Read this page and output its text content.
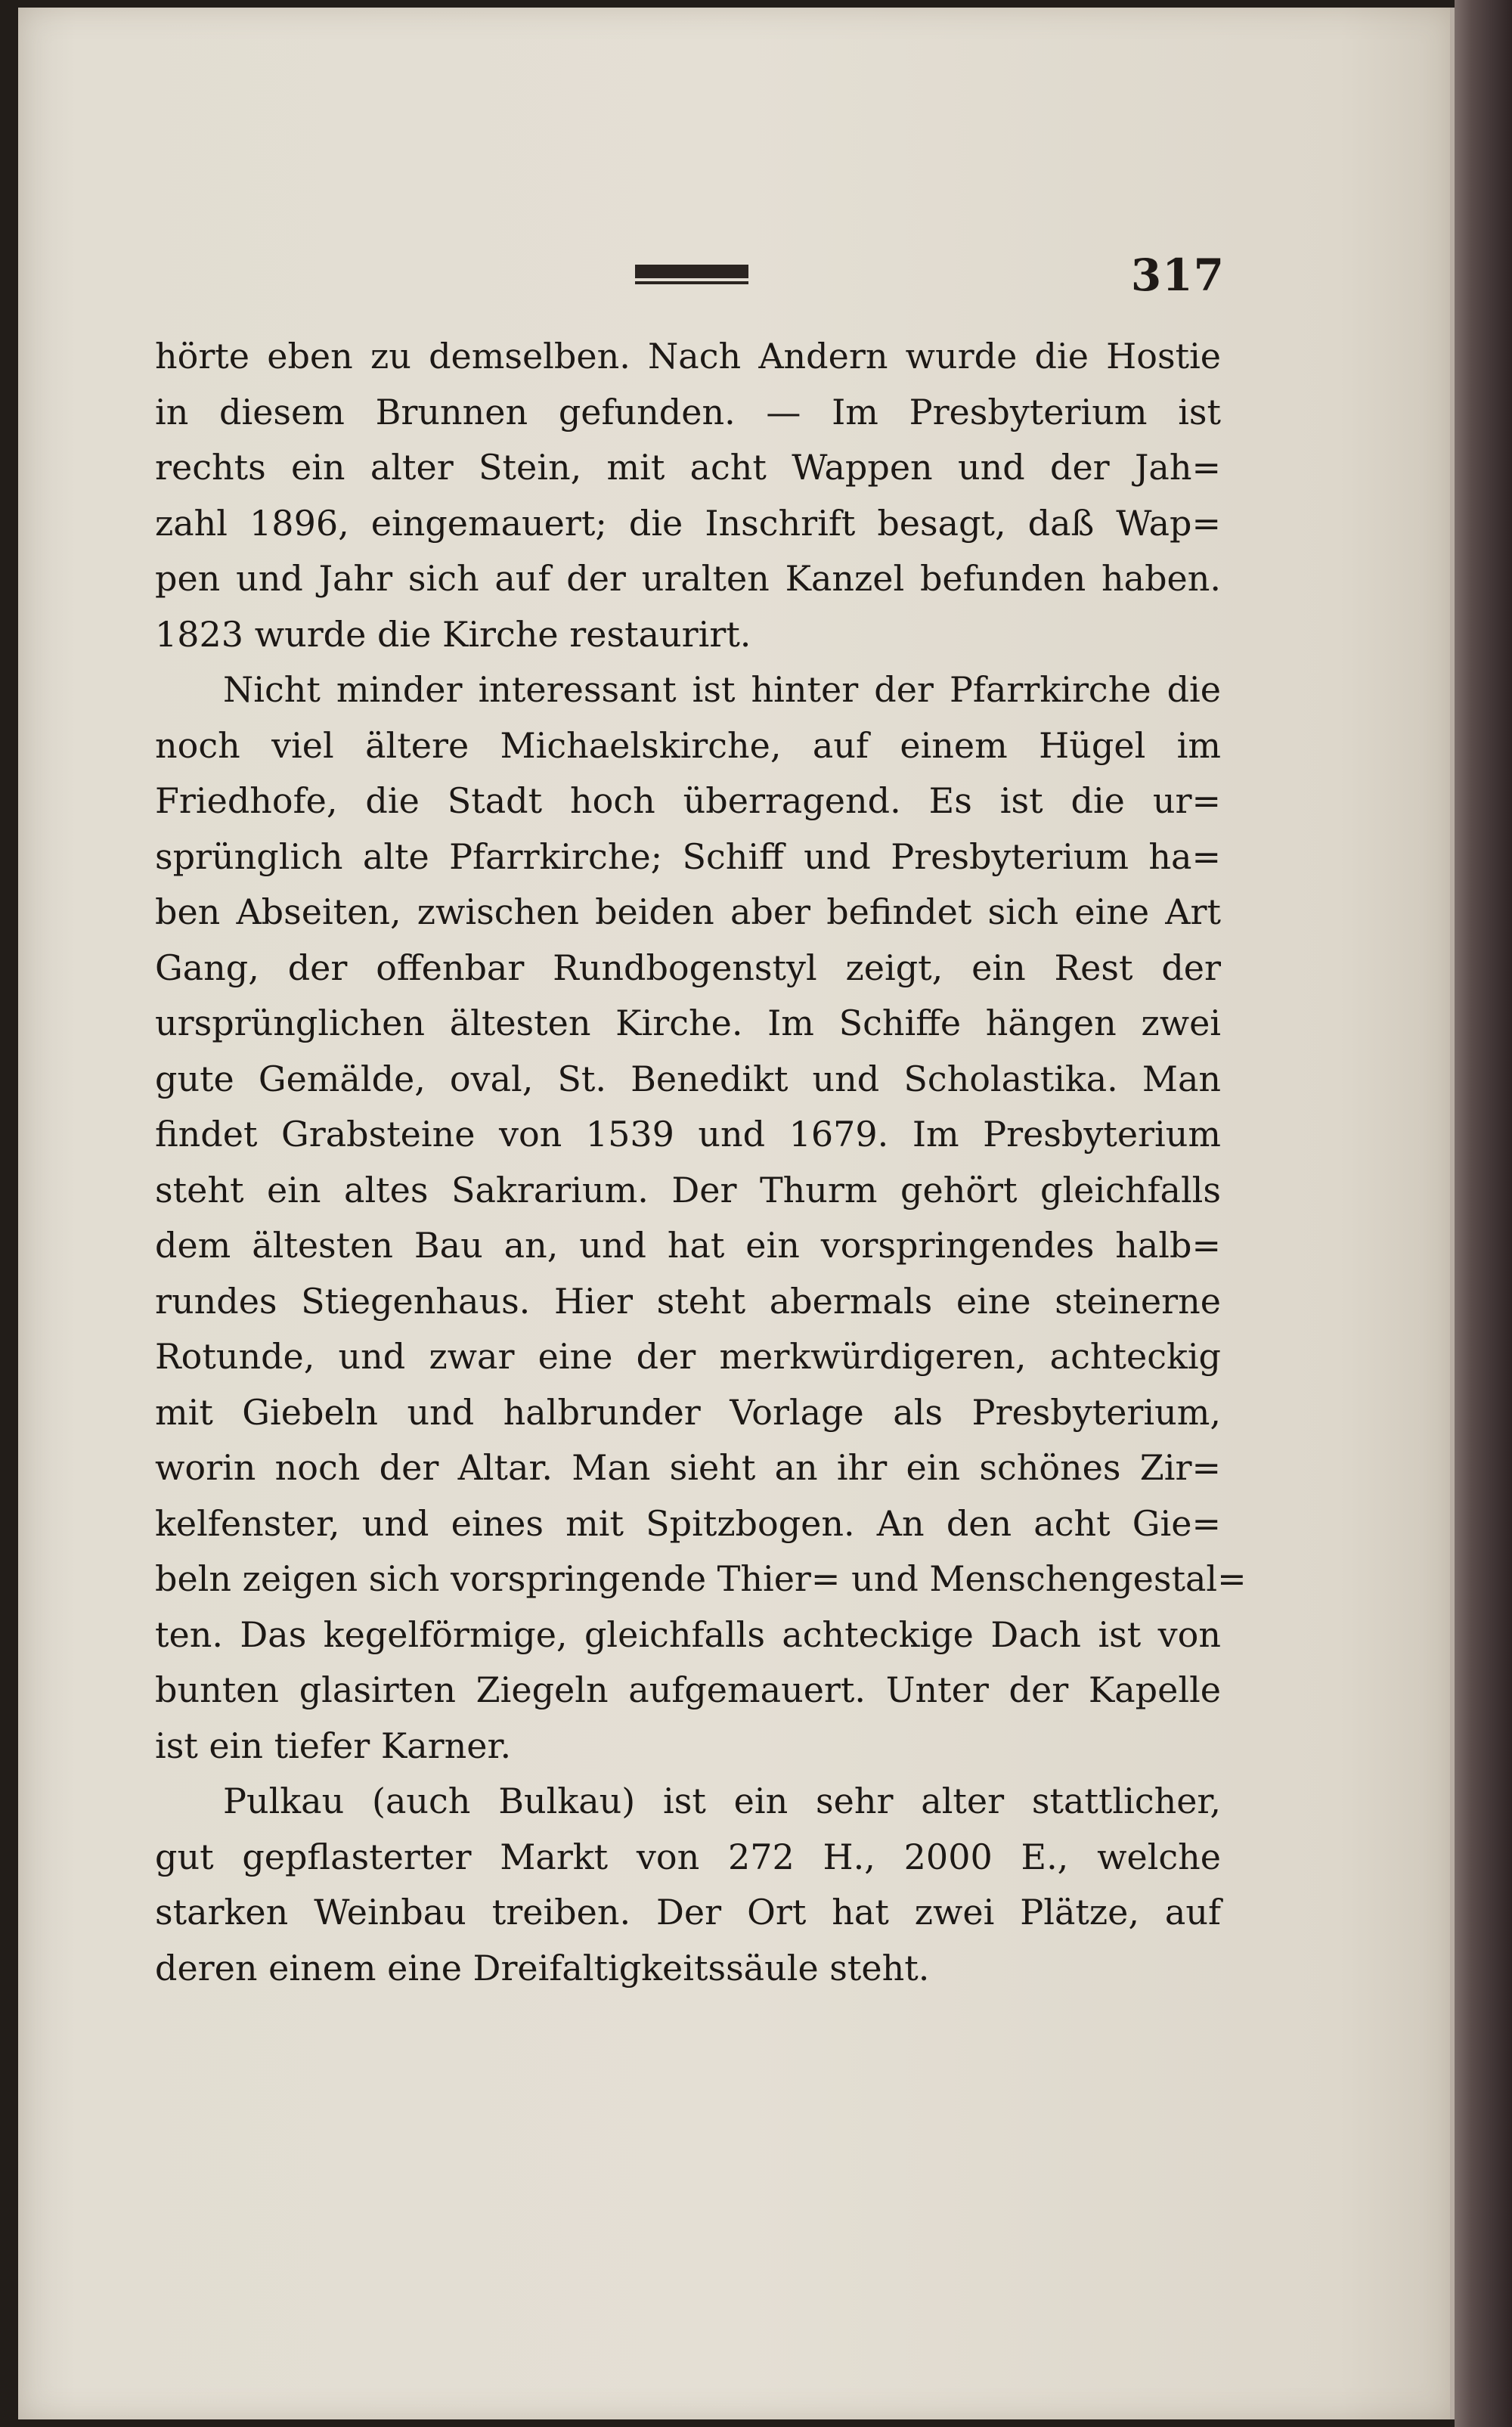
317
hörte eben zu demselben. Nach Andern wurde die Hostie
in diesem Brunnen gefunden. — Im Presbyterium ist
rechts ein alter Stein, mit acht Wappen und der Jah=
zahl 1896, eingemauert; die Inschrift besagt, daß Wap=
pen und Jahr sich auf der uralten Kanzel befunden haben.
1823 wurde die Kirche restaurirt.
Nicht minder interessant ist hinter der Pfarrkirche die
noch viel ältere Michaelskirche, auf einem Hügel im
Friedhofe, die Stadt hoch überragend. Es ist die ur=
sprünglich alte Pfarrkirche; Schiff und Presbyterium ha=
ben Abseiten, zwischen beiden aber befindet sich eine Art
Gang, der offenbar Rundbogenstyl zeigt, ein Rest der
ursprünglichen ältesten Kirche. Im Schiffe hängen zwei
gute Gemälde, oval, St. Benedikt und Scholastika. Man
findet Grabsteine von 1539 und 1679. Im Presbyterium
steht ein altes Sakrarium. Der Thurm gehört gleichfalls
dem ältesten Bau an, und hat ein vorspringendes halb=
rundes Stiegenhaus. Hier steht abermals eine steinerne
Rotunde, und zwar eine der merkwürdigeren, achteckig
mit Giebeln und halbrunder Vorlage als Presbyterium,
worin noch der Altar. Man sieht an ihr ein schönes Zir=
kelfenster, und eines mit Spitzbogen. An den acht Gie=
beln zeigen sich vorspringende Thier= und Menschengestal=
ten. Das kegelförmige, gleichfalls achteckige Dach ist von
bunten glasirten Ziegeln aufgemauert. Unter der Kapelle
ist ein tiefer Karner.
Pulkau (auch Bulkau) ist ein sehr alter stattlicher,
gut gepflasterter Markt von 272 H., 2000 E., welche
starken Weinbau treiben. Der Ort hat zwei Plätze, auf
deren einem eine Dreifaltigkeitssäule steht.
